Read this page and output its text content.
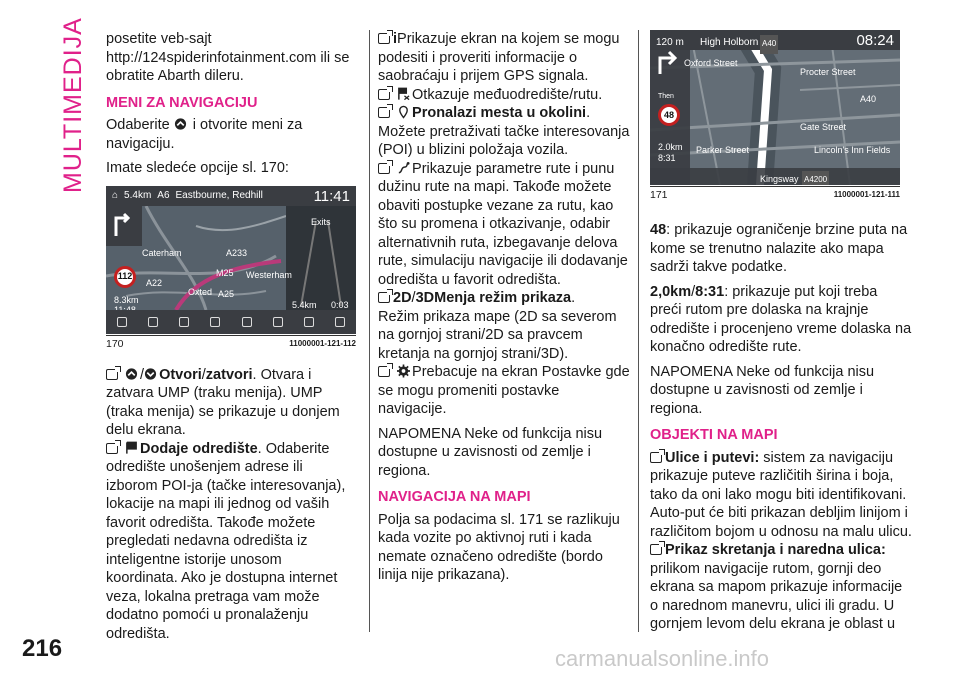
MULTIMEDIJA posetite veb-sajt http://124spiderinfotainment.com ili se obratite Abarth dileru.

MENI ZA NAVIGACIJU

Odaberite i otvorite meni za navigaciju.

Imate sledeće opcije sl. 170:

⌂ 5.4km A6 Eastbourne, Redhill	11:41
Exits
Caterham	A233
Westerham
Oxted A25
A22
M25
112
8.3km	5.4km 0:03
170	11000001-121-112

/ Otvori/zatvori. Otvara i zatvara UMP (traku menija). UMP (traka menija) se prikazuje u donjem delu ekrana.

Dodaje odredište. Odaberite odredište unošenjem adrese ili izborom POI-ja (tačke interesovanja), lokacije na mapi ili jednog od vaših favorit odredišta. Takođe možete pregledati nedavna odredišta iz inteligentne istorije unosom koordinata. Ako je dostupna internet veza, lokalna pretraga vam može dodatno pomoći u pronalaženju odredišta.

iPrikazuje ekran na kojem se mogu podesiti i proveriti informacije o saobraćaju i prijem GPS signala.

Otkazuje međuodredište/rutu.

Pronalazi mesta u okolini.

Možete pretraživati tačke interesovanja (POI) u blizini položaja vozila.

Prikazuje parametre rute i punu dužinu rute na mapi. Takođe možete obaviti postupke vezane za rutu, kao što su promena i otkazivanje, odabir alternativnih ruta, izbegavanje delova rute, simulaciju navigacije ili dodavanje odredišta u favorit odredišta.

2D/3DMenja režim prikaza.

Režim prikaza mape (2D sa severom na gornjoj strani/2D sa pravcem kretanja na gornjoj strani/3D).

Prebacuje na ekran Postavke gde se mogu promeniti postavke navigacije.

NAPOMENA Neke od funkcija nisu dostupne u zavisnosti od zemlje i regiona.

NAVIGACIJA NA MAPI

Polja sa podacima sl. 171 se razlikuju kada vozite po aktivnoj ruti i kada nemate označeno odredište (bordo linija nije prikazana).

120 m High Holborn A40	08:24
Oxford Street
Procter Street
A40
Gate Street
Parker Street	Lincoln's Inn Fields
Kingsway A4200
Then
48
2.0km
8:31
171	11000001-121-111

48: prikazuje ograničenje brzine puta na kome se trenutno nalazite ako mapa sadrži takve podatke.

2,0km/8:31: prikazuje put koji treba preći rutom pre dolaska na krajnje odredište i procenjeno vreme dolaska na konačno odredište rute.

NAPOMENA Neke od funkcija nisu dostupne u zavisnosti od zemlje i regiona.

OBJEKTI NA MAPI

Ulice i putevi: sistem za navigaciju prikazuje puteve različitih širina i boja, tako da oni lako mogu biti identifikovani. Auto-put će biti prikazan debljim linijom i različitom bojom u odnosu na malu ulicu.

Prikaz skretanja i naredna ulica:

prilikom navigacije rutom, gornji deo ekrana sa mapom prikazuje informacije o narednom manevru, ulici ili gradu. U gornjem levom delu ekrana je oblast u

216	carmanualsonline.info
